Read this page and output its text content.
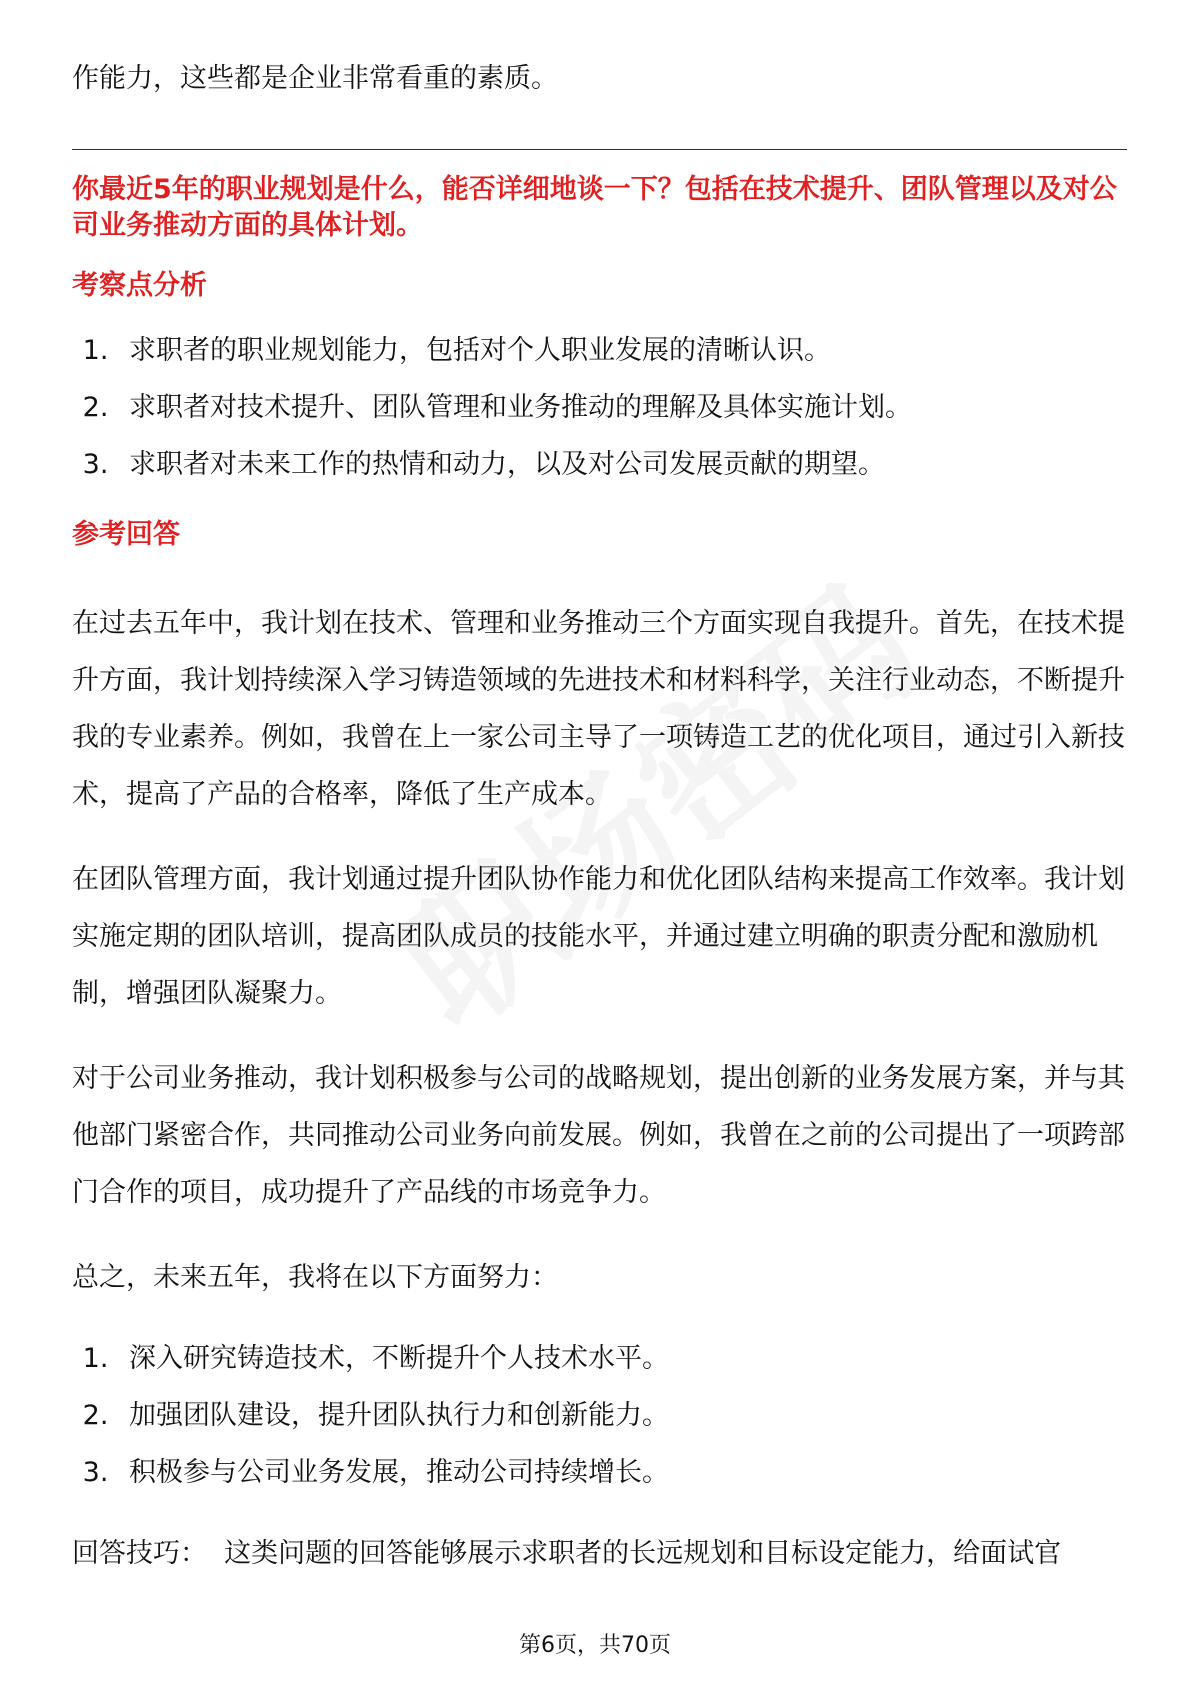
作能力，这些都是企业非常看重的素质。

你最近5年的职业规划是什么，能否详细地谈一下？包括在技术提升、团队管理以及对公司业务推动方面的具体计划。

考察点分析
1. 求职者的职业规划能力，包括对个人职业发展的清晰认识。
2. 求职者对技术提升、团队管理和业务推动的理解及具体实施计划。
3. 求职者对未来工作的热情和动力，以及对公司发展贡献的期望。
参考回答

在过去五年中，我计划在技术、管理和业务推动三个方面实现自我提升。首先，在技术提升方面，我计划持续深入学习铸造领域的先进技术和材料科学，关注行业动态，不断提升我的专业素养。例如，我曾在上一家公司主导了一项铸造工艺的优化项目，通过引入新技术，提高了产品的合格率，降低了生产成本。

在团队管理方面，我计划通过提升团队协作能力和优化团队结构来提高工作效率。我计划实施定期的团队培训，提高团队成员的技能水平，并通过建立明确的职责分配和激励机制，增强团队凝聚力。

对于公司业务推动，我计划积极参与公司的战略规划，提出创新的业务发展方案，并与其他部门紧密合作，共同推动公司业务向前发展。例如，我曾在之前的公司提出了一项跨部门合作的项目，成功提升了产品线的市场竞争力。

总之，未来五年，我将在以下方面努力：

1. 深入研究铸造技术，不断提升个人技术水平。
2. 加强团队建设，提升团队执行力和创新能力。
3. 积极参与公司业务发展，推动公司持续增长。

回答技巧：  这类问题的回答能够展示求职者的长远规划和目标设定能力，给面试官

第6页，共70页
